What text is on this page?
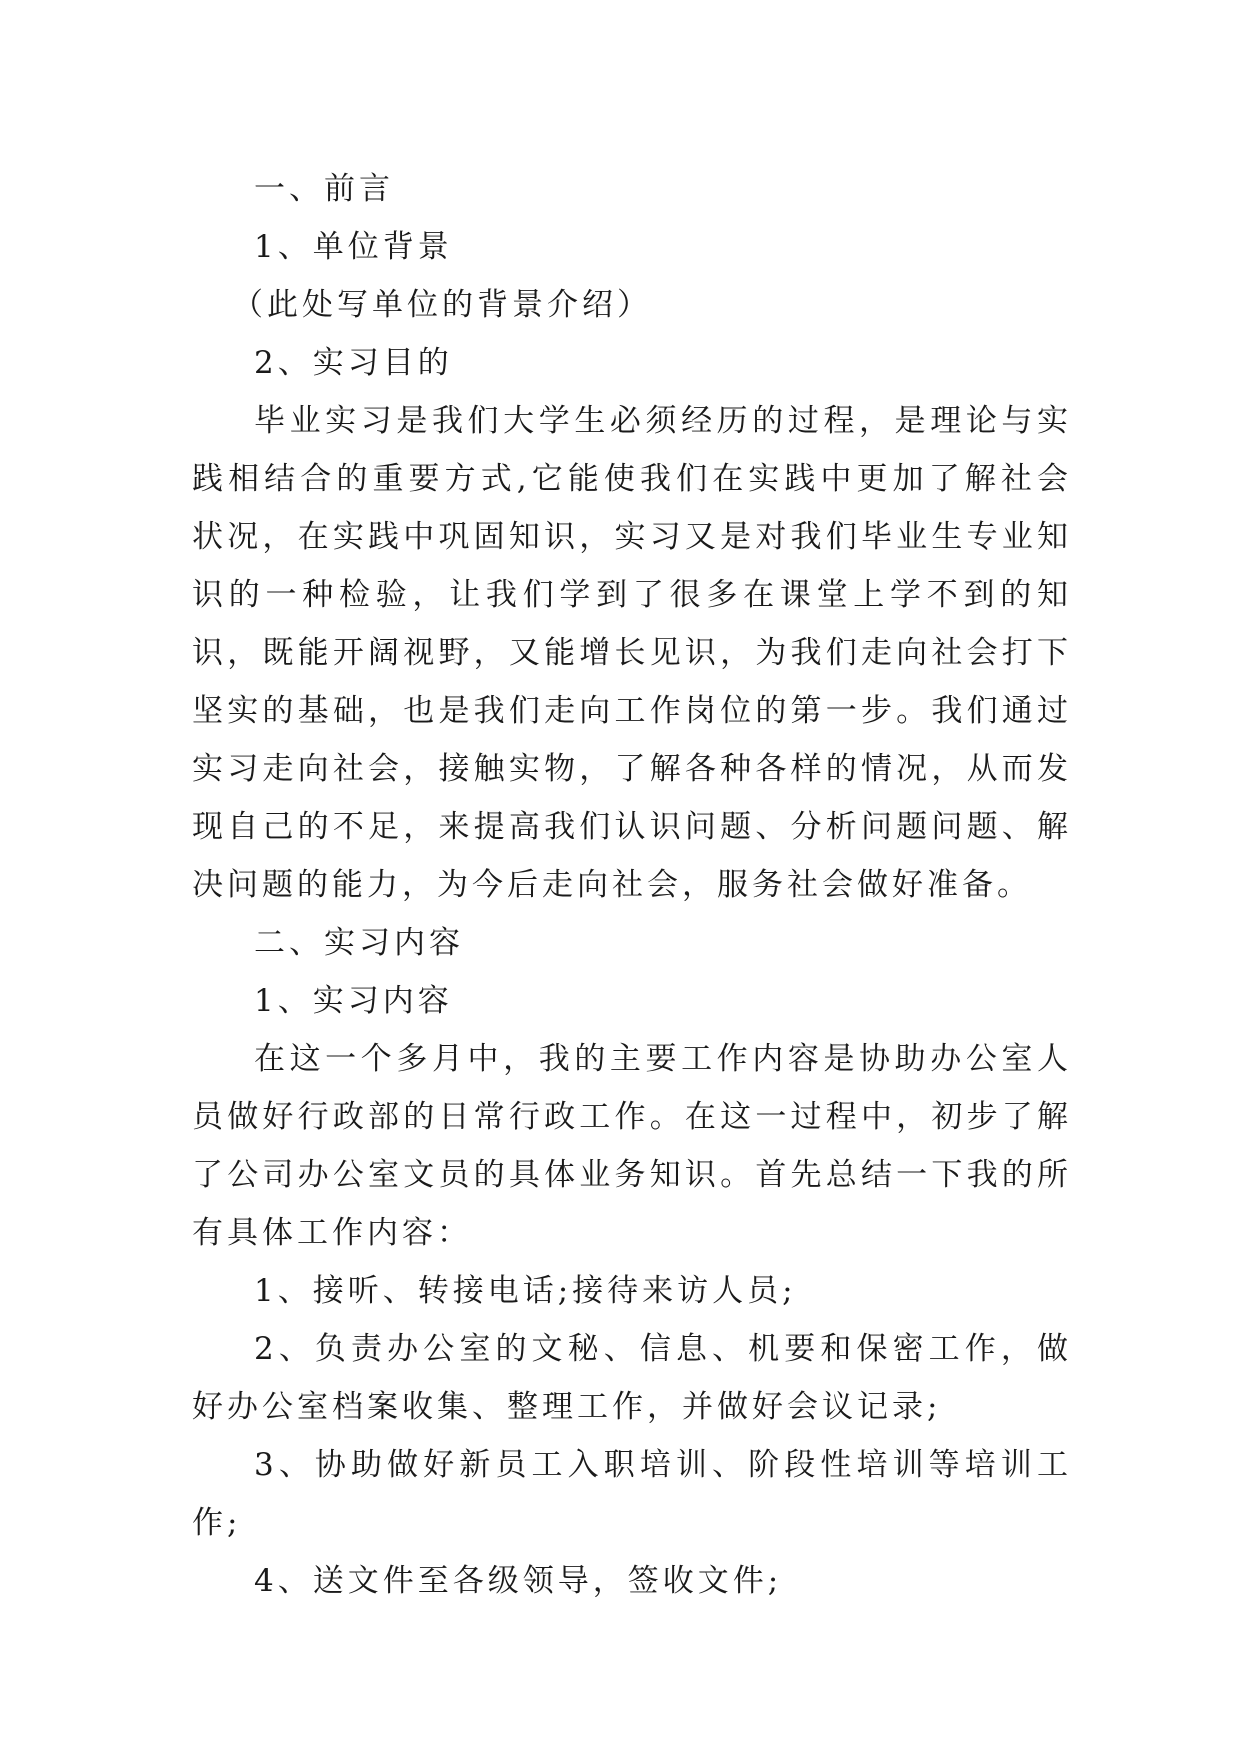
一、前言

1、单位背景

（此处写单位的背景介绍）

2、实习目的

毕业实习是我们大学生必须经历的过程，是理论与实践相结合的重要方式,它能使我们在实践中更加了解社会状况，在实践中巩固知识，实习又是对我们毕业生专业知识的一种检验，让我们学到了很多在课堂上学不到的知识，既能开阔视野，又能增长见识，为我们走向社会打下坚实的基础，也是我们走向工作岗位的第一步。我们通过实习走向社会，接触实物，了解各种各样的情况，从而发现自己的不足，来提高我们认识问题、分析问题问题、解决问题的能力，为今后走向社会，服务社会做好准备。

二、实习内容

1、实习内容

在这一个多月中，我的主要工作内容是协助办公室人员做好行政部的日常行政工作。在这一过程中，初步了解了公司办公室文员的具体业务知识。首先总结一下我的所有具体工作内容：

1、接听、转接电话;接待来访人员;

2、负责办公室的文秘、信息、机要和保密工作，做好办公室档案收集、整理工作，并做好会议记录;

3、协助做好新员工入职培训、阶段性培训等培训工作;

4、送文件至各级领导，签收文件;
